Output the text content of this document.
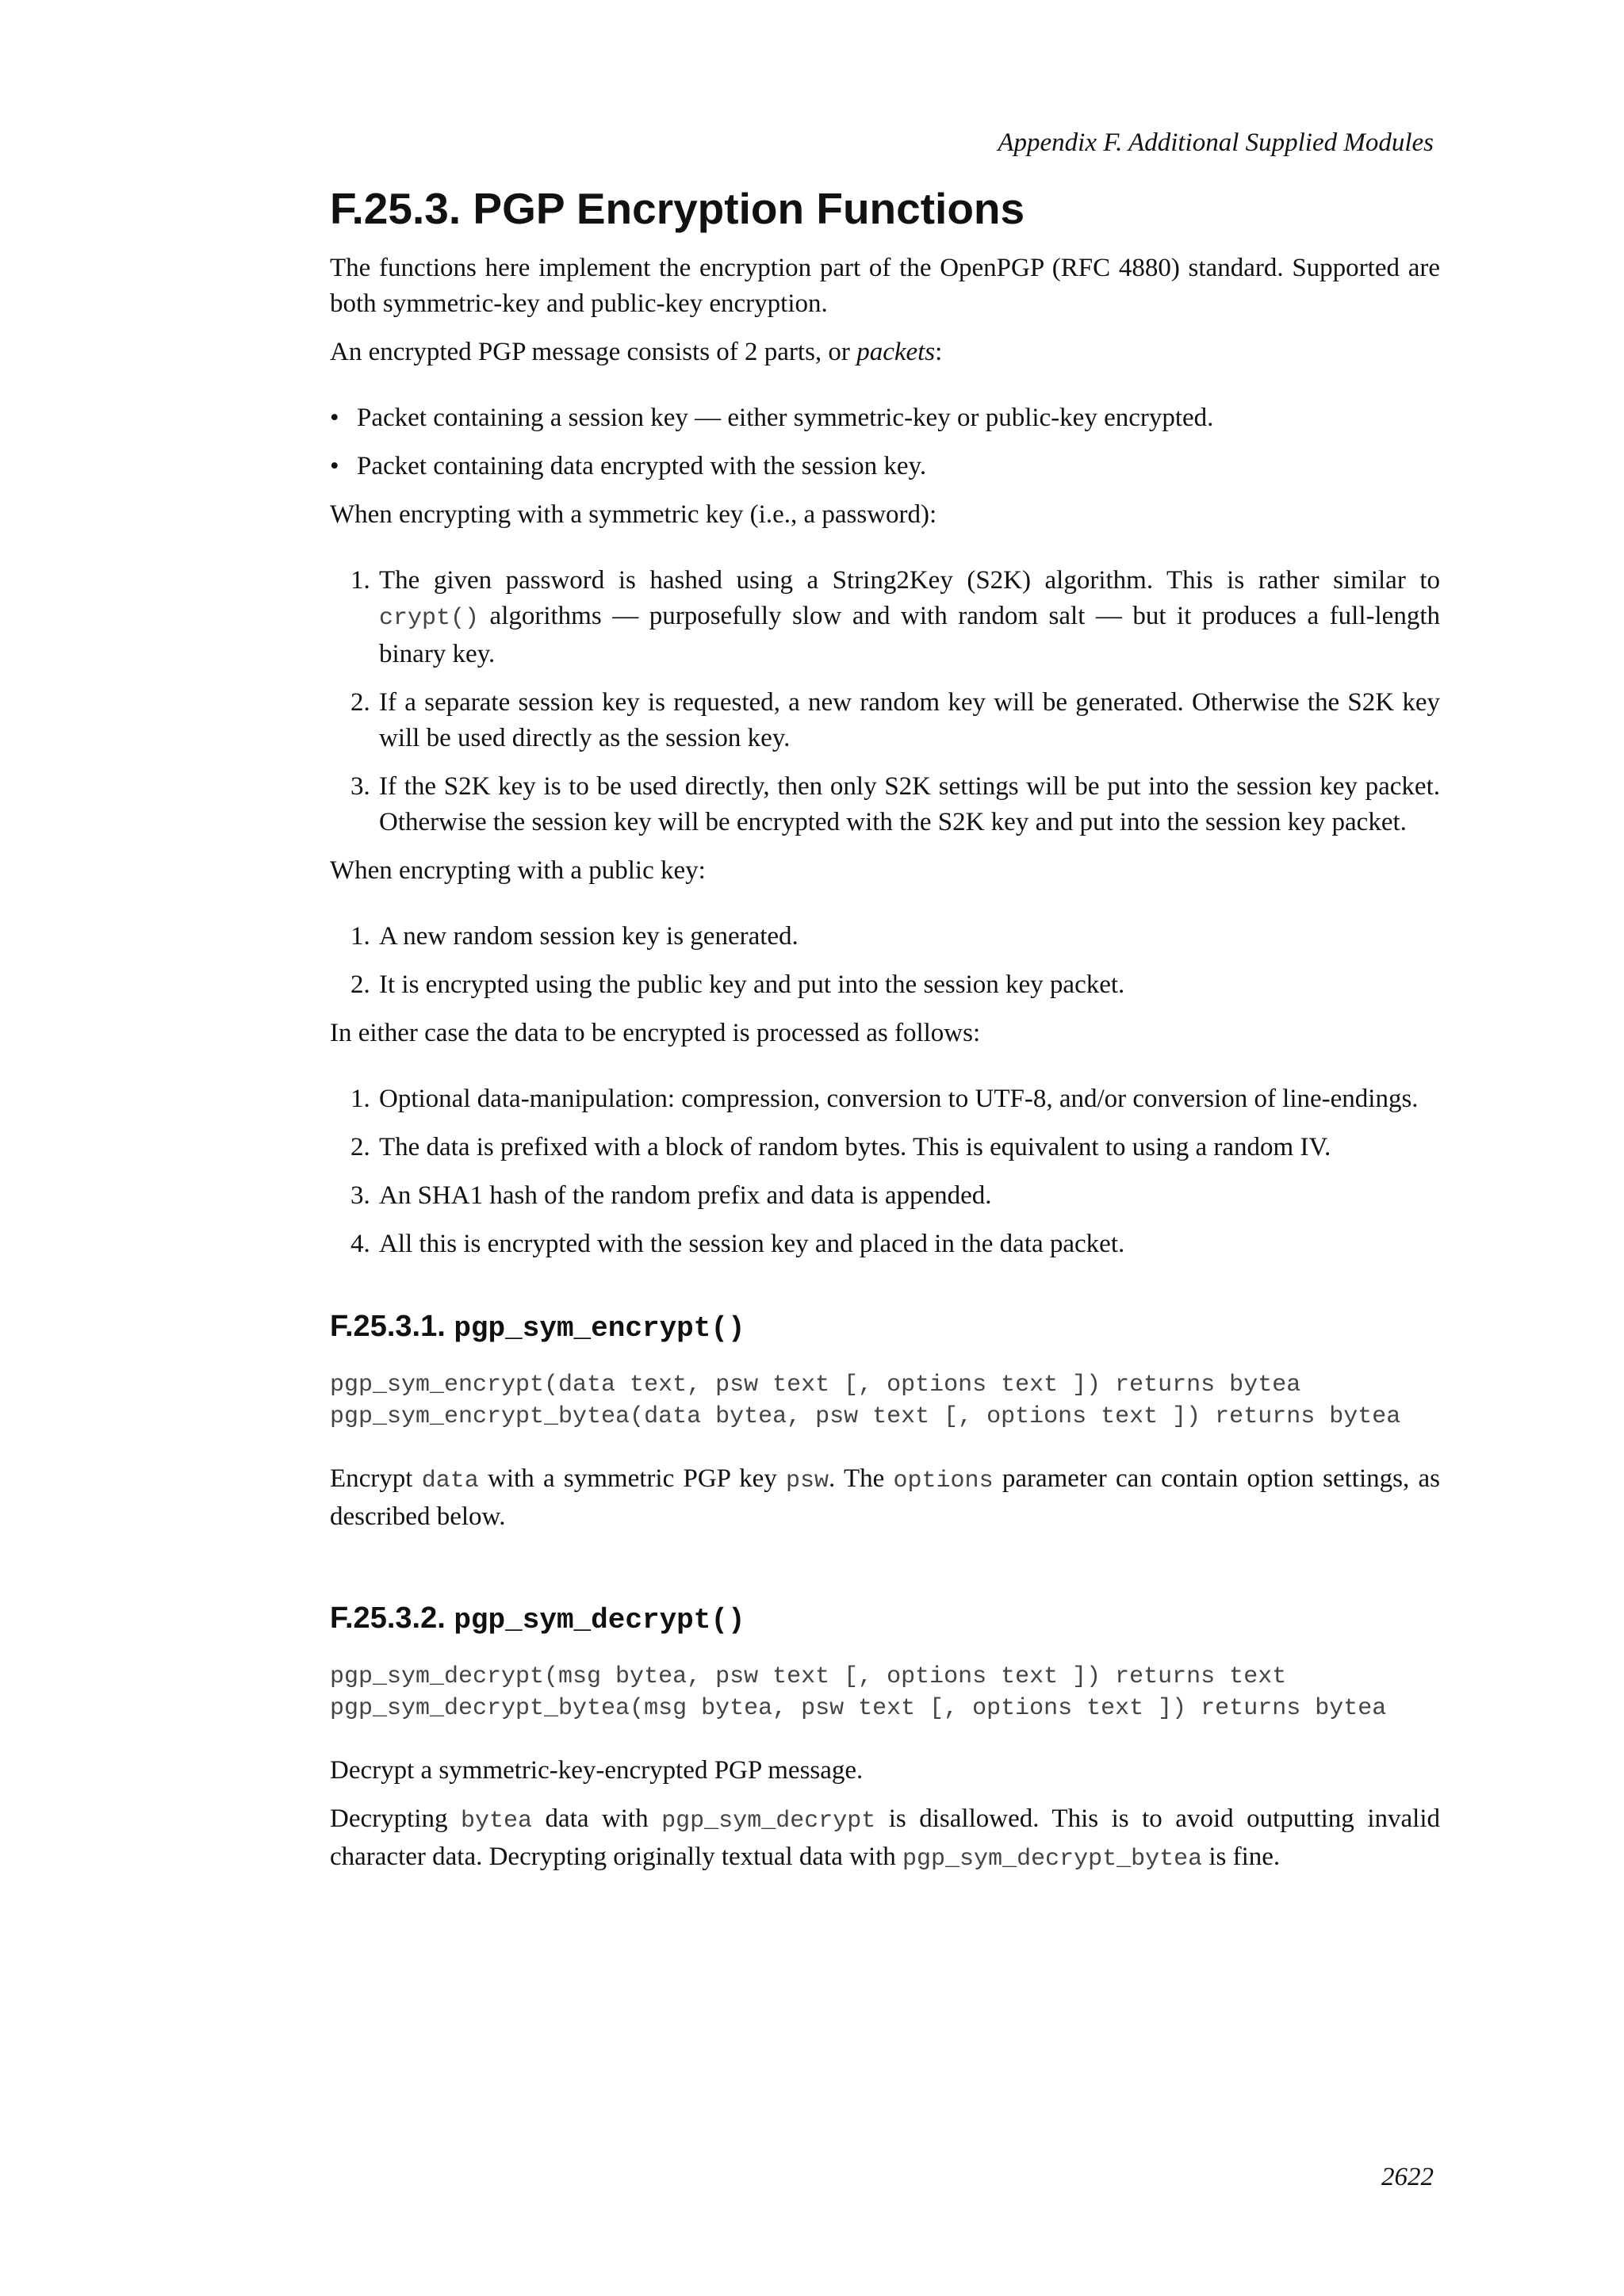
Appendix F. Additional Supplied Modules
F.25.3. PGP Encryption Functions

The functions here implement the encryption part of the OpenPGP (RFC 4880) standard. Supported are both symmetric-key and public-key encryption.

An encrypted PGP message consists of 2 parts, or packets:

• Packet containing a session key — either symmetric-key or public-key encrypted.
• Packet containing data encrypted with the session key.

When encrypting with a symmetric key (i.e., a password):

1. The given password is hashed using a String2Key (S2K) algorithm. This is rather similar to crypt() algorithms — purposefully slow and with random salt — but it produces a full-length binary key.
2. If a separate session key is requested, a new random key will be generated. Otherwise the S2K key will be used directly as the session key.
3. If the S2K key is to be used directly, then only S2K settings will be put into the session key packet. Otherwise the session key will be encrypted with the S2K key and put into the session key packet.

When encrypting with a public key:

1. A new random session key is generated.
2. It is encrypted using the public key and put into the session key packet.

In either case the data to be encrypted is processed as follows:

1. Optional data-manipulation: compression, conversion to UTF-8, and/or conversion of line-endings.
2. The data is prefixed with a block of random bytes. This is equivalent to using a random IV.
3. An SHA1 hash of the random prefix and data is appended.
4. All this is encrypted with the session key and placed in the data packet.
F.25.3.1. pgp_sym_encrypt()
pgp_sym_encrypt(data text, psw text [, options text ]) returns bytea
pgp_sym_encrypt_bytea(data bytea, psw text [, options text ]) returns bytea

Encrypt data with a symmetric PGP key psw. The options parameter can contain option settings, as described below.

F.25.3.2. pgp_sym_decrypt()
pgp_sym_decrypt(msg bytea, psw text [, options text ]) returns text
pgp_sym_decrypt_bytea(msg bytea, psw text [, options text ]) returns bytea

Decrypt a symmetric-key-encrypted PGP message.

Decrypting bytea data with pgp_sym_decrypt is disallowed. This is to avoid outputting invalid character data. Decrypting originally textual data with pgp_sym_decrypt_bytea is fine.

2622
